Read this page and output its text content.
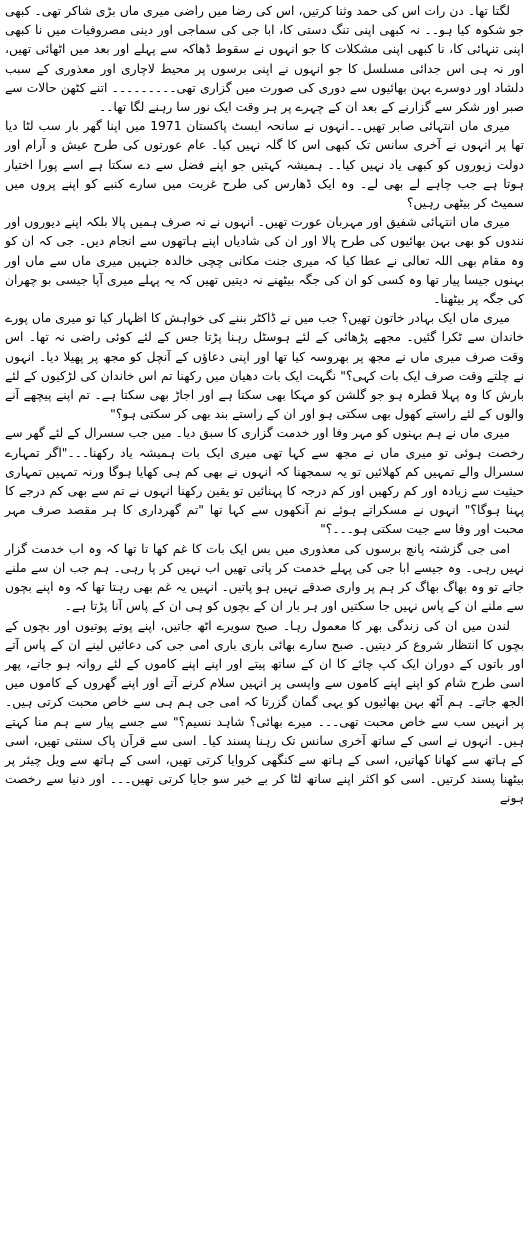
لگتا تھا۔ دن رات اس کی حمد وثنا کرتیں، اس کی رضا میں راضی میری ماں بڑی شاکر تھی۔ کبھی جو شکوہ کیا ہو۔۔ نہ کبھی اپنی تنگ دستی کا، ابا جی کی سماجی اور دینی مصروفیات میں نا کبھی اپنی تنہائی کا، نا کبھی اپنی مشکلات کا جو انہوں نے سقوط ڈھاکہ سے پہلے اور بعد میں اٹھائی تھیں، اور نہ ہی اس جدائی مسلسل کا جو انہوں نے اپنی برسوں پر محیط لاچاری اور معذوری کے سبب دلشاد اور دوسرے بہن بھائیوں سے دوری کی صورت میں گزاری تھی۔۔۔۔۔۔۔۔۔ اتنے کٹھن حالات سے صبر اور شکر سے گزارنے کے بعد ان کے چہرے پر ہر وقت ایک نور سا رہنے لگا تھا۔۔

میری ماں انتہائی صابر تھیں۔۔انہوں نے سانحہ ایسٹ پاکستان 1971 میں اپنا گھر بار سب لٹا دیا تھا پر انہوں نے آخری سانس تک کبھی اس کا گلہ نہیں کیا۔ عام عورتوں کی طرح عیش و آرام اور دولت زیوروں کو کبھی یاد نہیں کیا۔۔ ہمیشہ کہتیں جو اپنے فضل سے دے سکتا ہے اسے پورا اختیار ہوتا ہے جب چاہے لے بھی لے۔ وہ ایک ڈھارس کی طرح غربت میں سارے کنبے کو اپنے پروں میں سمیٹ کر بیٹھی رہیں؟

میری ماں انتہائی شفیق اور مہربان عورت تھیں۔ انہوں نے نہ صرف ہمیں پالا بلکہ اپنے دیوروں اور نندوں کو بھی بہن بھائیوں کی طرح پالا اور ان کی شادیاں اپنے ہاتھوں سے انجام دیں۔ جی کہ ان کو وہ مقام بھی اللہ تعالی نے عطا کیا کہ میری جنت مکانی چچی خالدہ جنہیں میری ماں سے ماں اور بہنوں جیسا پیار تھا وہ کسی کو ان کی جگہ بیٹھنے نہ دیتیں تھیں کہ یہ پہلے میری آپا جیسی بو چھران کی جگہ پر بیٹھنا۔

میری ماں ایک بہادر خاتون تھیں؟ جب میں نے ڈاکٹر بننے کی خواہش کا اظہار کیا تو میری ماں پورے خاندان سے ٹکرا گئیں۔ مجھے پڑھائی کے لئے ہوسٹل رہنا پڑتا جس کے لئے کوئی راضی نہ تھا۔ اس وقت صرف میری ماں نے مجھ پر بھروسہ کیا تھا اور اپنی دعاؤں کے آنچل کو مجھ پر پھیلا دیا۔ انہوں نے چلتے وقت صرف ایک بات کہی؟" نگہت ایک بات دھیان میں رکھنا تم اس خاندان کی لڑکیوں کے لئے بارش کا وہ پہلا قطرہ ہو جو گلشن کو مہکا بھی سکتا ہے اور اجاڑ بھی سکتا ہے۔ تم اپنے پیچھے آنے والوں کے لئے راستے کھول بھی سکتی ہو اور ان کے راستے بند بھی کر سکتی ہو؟"

میری ماں نے ہم بہنوں کو مہر وفا اور خدمت گزاری کا سبق دیا۔ میں جب سسرال کے لئے گھر سے رخصت ہوئی تو میری ماں نے مجھ سے کہا تھی میری ایک بات ہمیشہ یاد رکھنا۔۔۔"اگر تمہارے سسرال والے تمہیں کم کھلائیں تو یہ سمجھنا کہ انہوں نے بھی کم ہی کھایا ہوگا ورنہ تمہیں تمہاری حیثیت سے زیادہ اور کم رکھیں اور کم درجہ کا پہنائیں تو یقین رکھنا انہوں نے تم سے بھی کم درجے کا پہنا ہوگا؟" انہوں نے مسکراتے ہوئے نم آنکھوں سے کہا تھا "تم گھرداری کا ہر مقصد صرف مہر محبت اور وفا سے جیت سکتی ہو۔۔۔؟"

امی جی گزشتہ پانچ برسوں کی معذوری میں بس ایک بات کا غم کھا تا تھا کہ وہ اب خدمت گزار نہیں رہی۔ وہ جیسے ابا جی کی پہلے خدمت کر پاتی تھیں اب نہیں کر پا رہی۔ ہم جب ان سے ملنے جاتے تو وہ بھاگ بھاگ کر ہم پر واری صدقے نہیں ہو پاتیں۔ انہیں یہ غم بھی رہتا تھا کہ وہ اپنے بچوں سے ملنے ان کے پاس نہیں جا سکتیں اور ہر بار ان کے بچوں کو ہی ان کے پاس آنا پڑتا ہے۔

لندن میں ان کی زندگی بھر کا معمول رہا۔ صبح سویرے اٹھ جاتیں، اپنے پوتے پوتیوں اور بچوں کے بچوں کا انتظار شروع کر دیتیں۔ صبح سارے بھائی باری باری امی جی کی دعائیں لینے ان کے پاس آتے اور باتوں کے دوران ایک کپ چائے کا ان کے ساتھ پیتے اور اپنے اپنے کاموں کے لئے روانہ ہو جاتے، پھر اسی طرح شام کو اپنے اپنے کاموں سے واپسی پر انہیں سلام کرنے آتے اور اپنے گھروں کے کاموں میں الجھ جاتے۔ ہم آٹھ بہن بھائیوں کو یہی گمان گزرتا کہ امی جی ہم ہی سے خاص محبت کرتی ہیں۔ پر انہیں سب سے خاص محبت تھی۔۔۔ میرے بھائی؟ شاہد نسیم؟" سے جسے پیار سے ہم منا کہتے ہیں۔ انہوں نے اسی کے ساتھ آخری سانس تک رہنا پسند کیا۔ اسی سے قرآن پاک سنتی تھیں، اسی کے ہاتھ سے کھانا کھاتیں، اسی کے ہاتھ سے کنگھی کروایا کرتی تھیں، اسی کے ہاتھ سے ویل چیئر پر بیٹھنا پسند کرتیں۔ اسی کو اکثر اپنے ساتھ لٹا کر بے خبر سو جایا کرتی تھیں۔۔۔ اور دنیا سے رخصت ہونے
